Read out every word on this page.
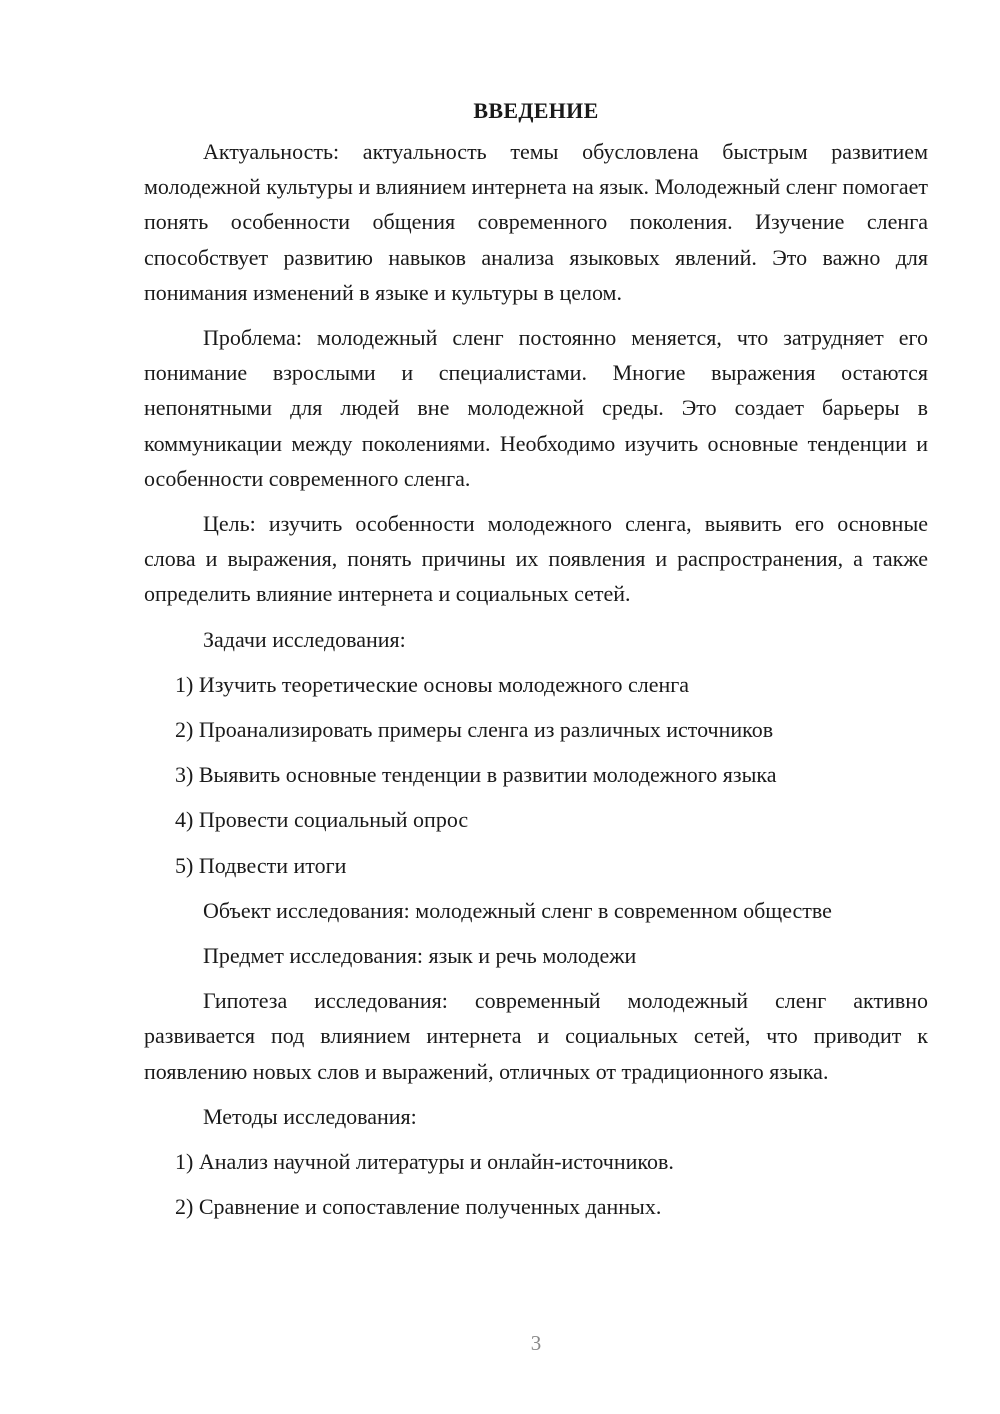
ВВЕДЕНИЕ

Актуальность: актуальность темы обусловлена быстрым развитием молодежной культуры и влиянием интернета на язык. Молодежный сленг помогает понять особенности общения современного поколения. Изучение сленга способствует развитию навыков анализа языковых явлений. Это важно для понимания изменений в языке и культуры в целом.

Проблема: молодежный сленг постоянно меняется, что затрудняет его понимание взрослыми и специалистами. Многие выражения остаются непонятными для людей вне молодежной среды. Это создает барьеры в коммуникации между поколениями. Необходимо изучить основные тенденции и особенности современного сленга.

Цель: изучить особенности молодежного сленга, выявить его основные слова и выражения, понять причины их появления и распространения, а также определить влияние интернета и социальных сетей.

Задачи исследования:

1) Изучить теоретические основы молодежного сленга

2) Проанализировать примеры сленга из различных источников

3) Выявить основные тенденции в развитии молодежного языка

4) Провести социальный опрос

5) Подвести итоги

Объект исследования: молодежный сленг в современном обществе

Предмет исследования: язык и речь молодежи

Гипотеза исследования: современный молодежный сленг активно развивается под влиянием интернета и социальных сетей, что приводит к появлению новых слов и выражений, отличных от традиционного языка.

Методы исследования:

1) Анализ научной литературы и онлайн-источников.

2) Сравнение и сопоставление полученных данных.

3
